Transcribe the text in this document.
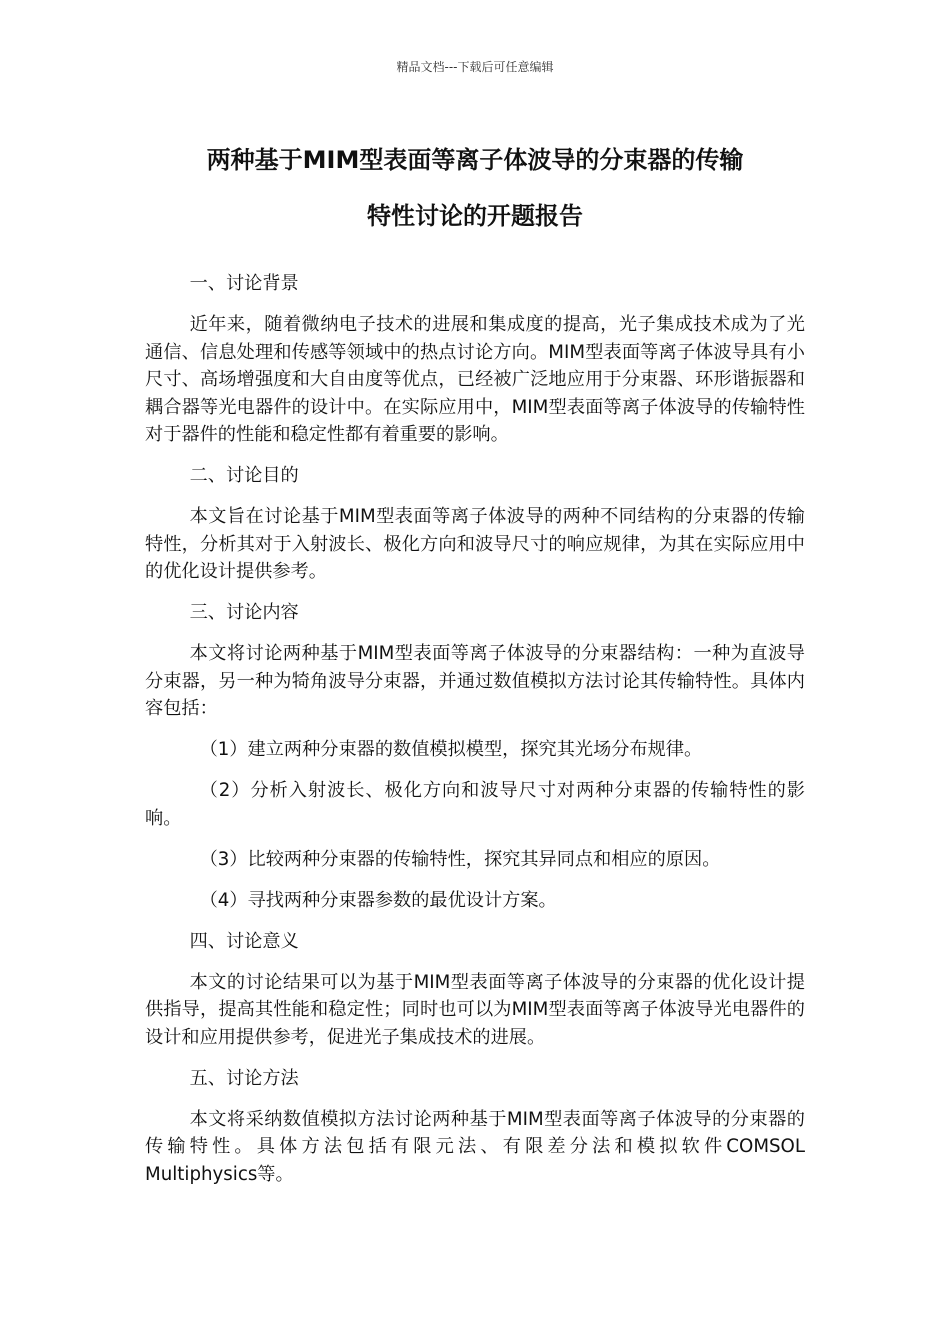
精品文档---下载后可任意编辑
两种基于MIM型表面等离子体波导的分束器的传输
特性讨论的开题报告

一、讨论背景

近年来，随着微纳电子技术的进展和集成度的提高，光子集成技术成为了光通信、信息处理和传感等领域中的热点讨论方向。MIM型表面等离子体波导具有小尺寸、高场增强度和大自由度等优点，已经被广泛地应用于分束器、环形谐振器和耦合器等光电器件的设计中。在实际应用中，MIM型表面等离子体波导的传输特性对于器件的性能和稳定性都有着重要的影响。

二、讨论目的

本文旨在讨论基于MIM型表面等离子体波导的两种不同结构的分束器的传输特性，分析其对于入射波长、极化方向和波导尺寸的响应规律，为其在实际应用中的优化设计提供参考。

三、讨论内容

本文将讨论两种基于MIM型表面等离子体波导的分束器结构：一种为直波导分束器，另一种为犄角波导分束器，并通过数值模拟方法讨论其传输特性。具体内容包括：

（1）建立两种分束器的数值模拟模型，探究其光场分布规律。

（2）分析入射波长、极化方向和波导尺寸对两种分束器的传输特性的影响。

（3）比较两种分束器的传输特性，探究其异同点和相应的原因。

（4）寻找两种分束器参数的最优设计方案。

四、讨论意义

本文的讨论结果可以为基于MIM型表面等离子体波导的分束器的优化设计提供指导，提高其性能和稳定性；同时也可以为MIM型表面等离子体波导光电器件的设计和应用提供参考，促进光子集成技术的进展。

五、讨论方法

本文将采纳数值模拟方法讨论两种基于MIM型表面等离子体波导的分束器的传输特性。具体方法包括有限元法、有限差分法和模拟软件COMSOL Multiphysics等。
